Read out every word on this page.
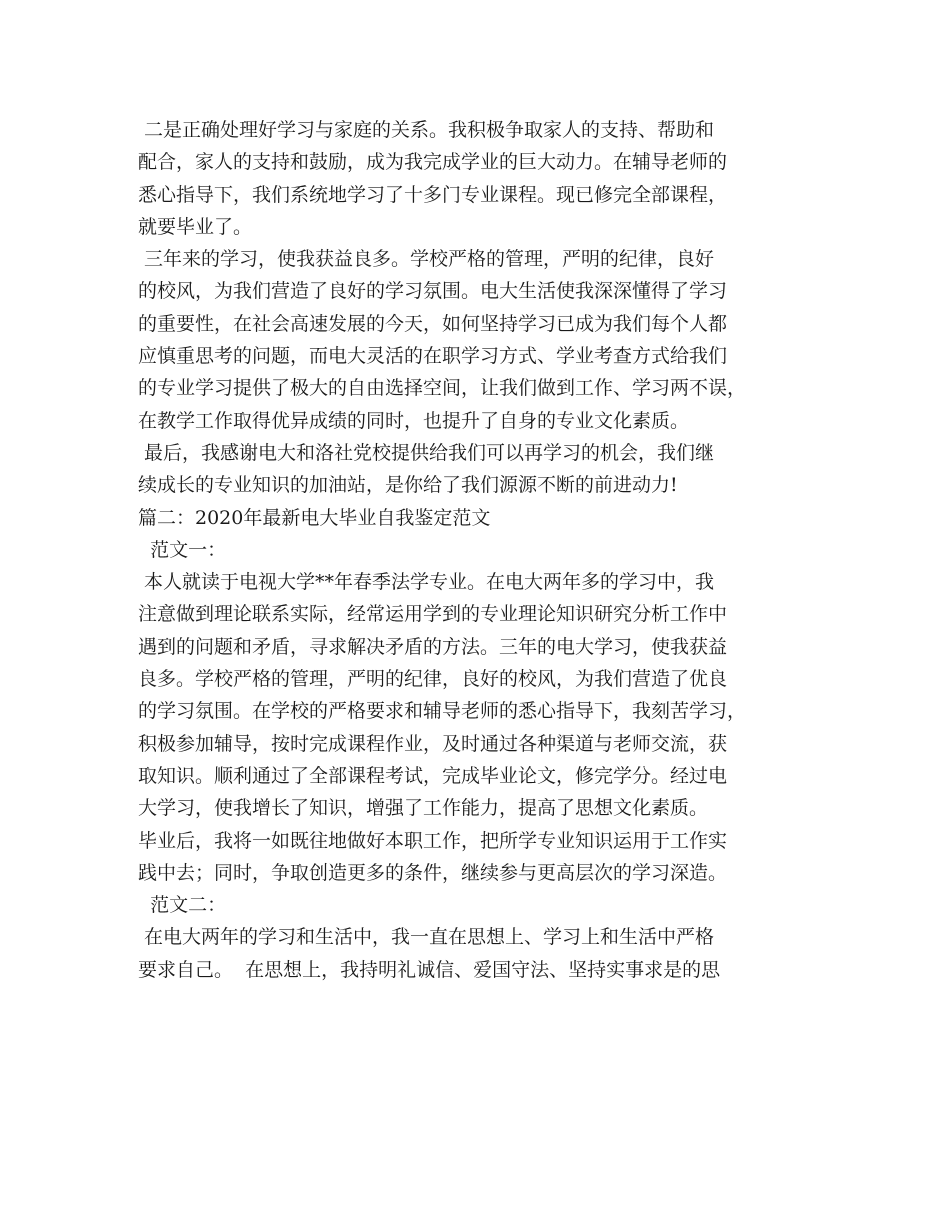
二是正确处理好学习与家庭的关系。我积极争取家人的支持、帮助和
配合，家人的支持和鼓励，成为我完成学业的巨大动力。在辅导老师的
悉心指导下，我们系统地学习了十多门专业课程。现已修完全部课程，
就要毕业了。
三年来的学习，使我获益良多。学校严格的管理，严明的纪律，良好
的校风，为我们营造了良好的学习氛围。电大生活使我深深懂得了学习
的重要性，在社会高速发展的今天，如何坚持学习已成为我们每个人都
应慎重思考的问题，而电大灵活的在职学习方式、学业考查方式给我们
的专业学习提供了极大的自由选择空间，让我们做到工作、学习两不误，
在教学工作取得优异成绩的同时，也提升了自身的专业文化素质。
最后，我感谢电大和洛社党校提供给我们可以再学习的机会，我们继
续成长的专业知识的加油站，是你给了我们源源不断的前进动力!
篇二：2020年最新电大毕业自我鉴定范文
范文一：
本人就读于电视大学**年春季法学专业。在电大两年多的学习中，我
注意做到理论联系实际，经常运用学到的专业理论知识研究分析工作中
遇到的问题和矛盾，寻求解决矛盾的方法。三年的电大学习，使我获益
良多。学校严格的管理，严明的纪律，良好的校风，为我们营造了优良
的学习氛围。在学校的严格要求和辅导老师的悉心指导下，我刻苦学习，
积极参加辅导，按时完成课程作业，及时通过各种渠道与老师交流，获
取知识。顺利通过了全部课程考试，完成毕业论文，修完学分。经过电
大学习，使我增长了知识，增强了工作能力，提高了思想文化素质。
毕业后，我将一如既往地做好本职工作，把所学专业知识运用于工作实
践中去；同时，争取创造更多的条件，继续参与更高层次的学习深造。
范文二：
在电大两年的学习和生活中，我一直在思想上、学习上和生活中严格
要求自己。  在思想上，我持明礼诚信、爱国守法、坚持实事求是的思
